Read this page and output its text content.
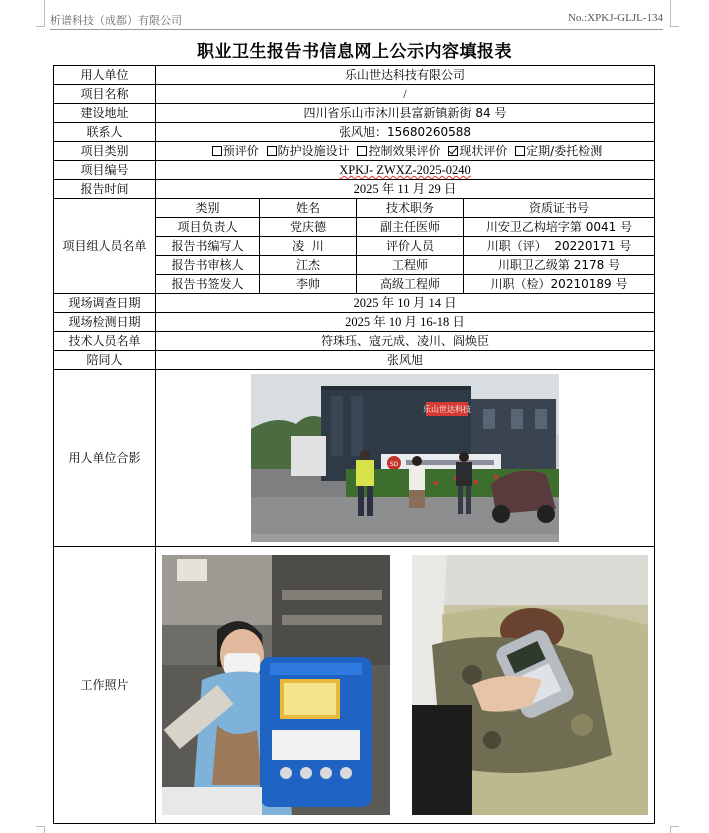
析谱科技（成都）有限公司	No.:XPKJ-GLJL-134
职业卫生报告书信息网上公示内容填报表
用人单位	乐山世达科技有限公司			
项目名称	/			
建设地址	四川省乐山市沐川县富新镇新街 84 号			
联系人	张风旭：15680260588			
项目类别	预评价 防护设施设计 控制效果评价 现状评价 定期/委托检测			
项目编号	XPKJ- ZWXZ-2025-0240			
报告时间	2025 年 11 月 29 日			
项目组人员名单	类别	姓名	技术职务	资质证书号
	项目负责人	党庆德	副主任医师	川安卫乙构培字第 0041 号
	报告书编写人	凌  川	评价人员	川职（评）  20220171 号
	报告书审核人	江杰	工程师	川职卫乙级第 2178 号
	报告书签发人	李帅	高级工程师	川职（检）20210189 号
现场调查日期	2025 年 10 月 14 日			
现场检测日期	2025 年 10 月 16-18 日			
技术人员名单	符珠珏、寇元成、凌川、阎焕臣			
陪同人	张风旭			
用人单位合影	乐山世达科技
SD			

工作照片	
